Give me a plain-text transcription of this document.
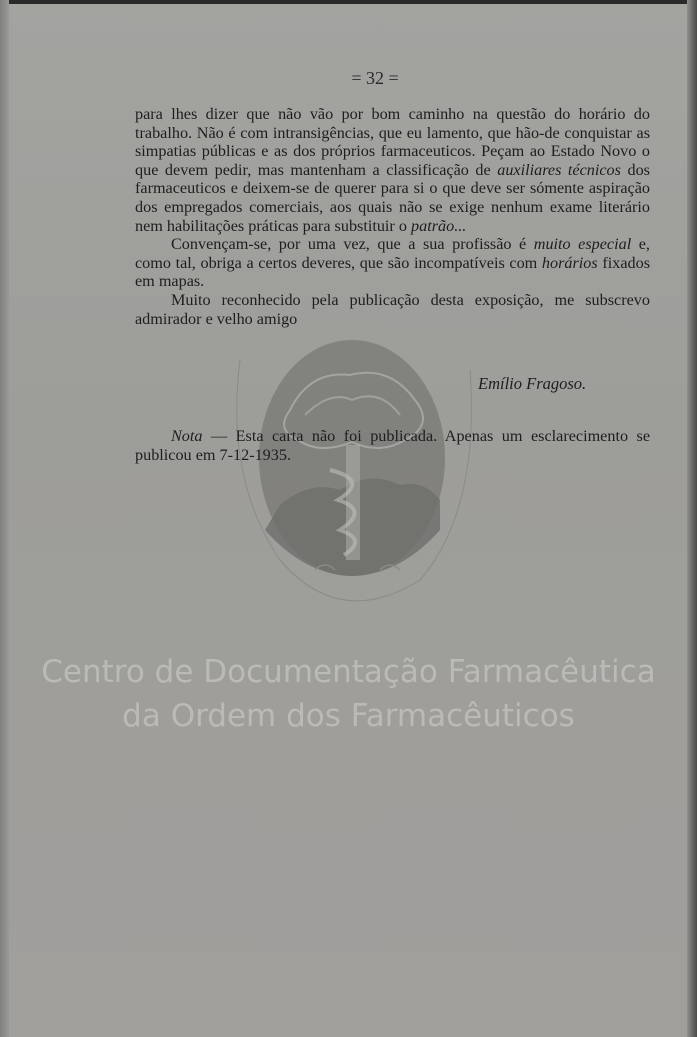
= 32 =

para lhes dizer que não vão por bom caminho na questão do horário do trabalho. Não é com intransigências, que eu lamento, que hão-de conquistar as simpatias públicas e as dos próprios farmaceuticos. Peçam ao Estado Novo o que devem pedir, mas mantenham a classificação de auxiliares técnicos dos farmaceuticos e deixem-se de querer para si o que deve ser sómente aspiração dos empregados comerciais, aos quais não se exige nenhum exame literário nem habilitações práticas para substituir o patrão...

Convençam-se, por uma vez, que a sua profissão é muito especial e, como tal, obriga a certos deveres, que são incompatíveis com horários fixados em mapas.

Muito reconhecido pela publicação desta exposição, me subscrevo admirador e velho amigo

Emílio Fragoso.
Nota — Esta carta não foi publicada. Apenas um esclarecimento se publicou em 7-12-1935.
Centro de Documentação Farmacêutica
da Ordem dos Farmacêuticos
